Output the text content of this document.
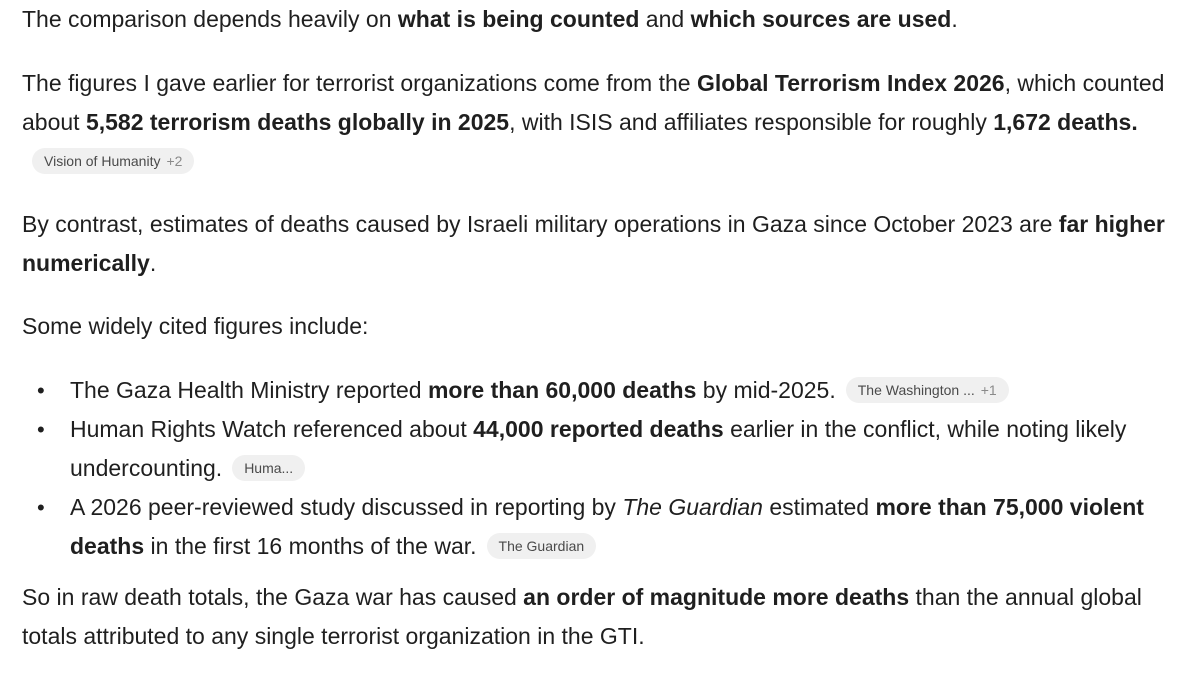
The comparison depends heavily on what is being counted and which sources are used.

The figures I gave earlier for terrorist organizations come from the Global Terrorism Index 2026, which counted about 5,582 terrorism deaths globally in 2025, with ISIS and affiliates responsible for roughly 1,672 deaths.Vision of Humanity +2

By contrast, estimates of deaths caused by Israeli military operations in Gaza since October 2023 are far higher numerically.

Some widely cited figures include:

• The Gaza Health Ministry reported more than 60,000 deaths by mid-2025. The Washington ... +1
• Human Rights Watch referenced about 44,000 reported deaths earlier in the conflict, while noting likely undercounting. Huma...
• A 2026 peer-reviewed study discussed in reporting by The Guardian estimated more than 75,000 violent deaths in the first 16 months of the war. The Guardian

So in raw death totals, the Gaza war has caused an order of magnitude more deaths than the annual global totals attributed to any single terrorist organization in the GTI.
